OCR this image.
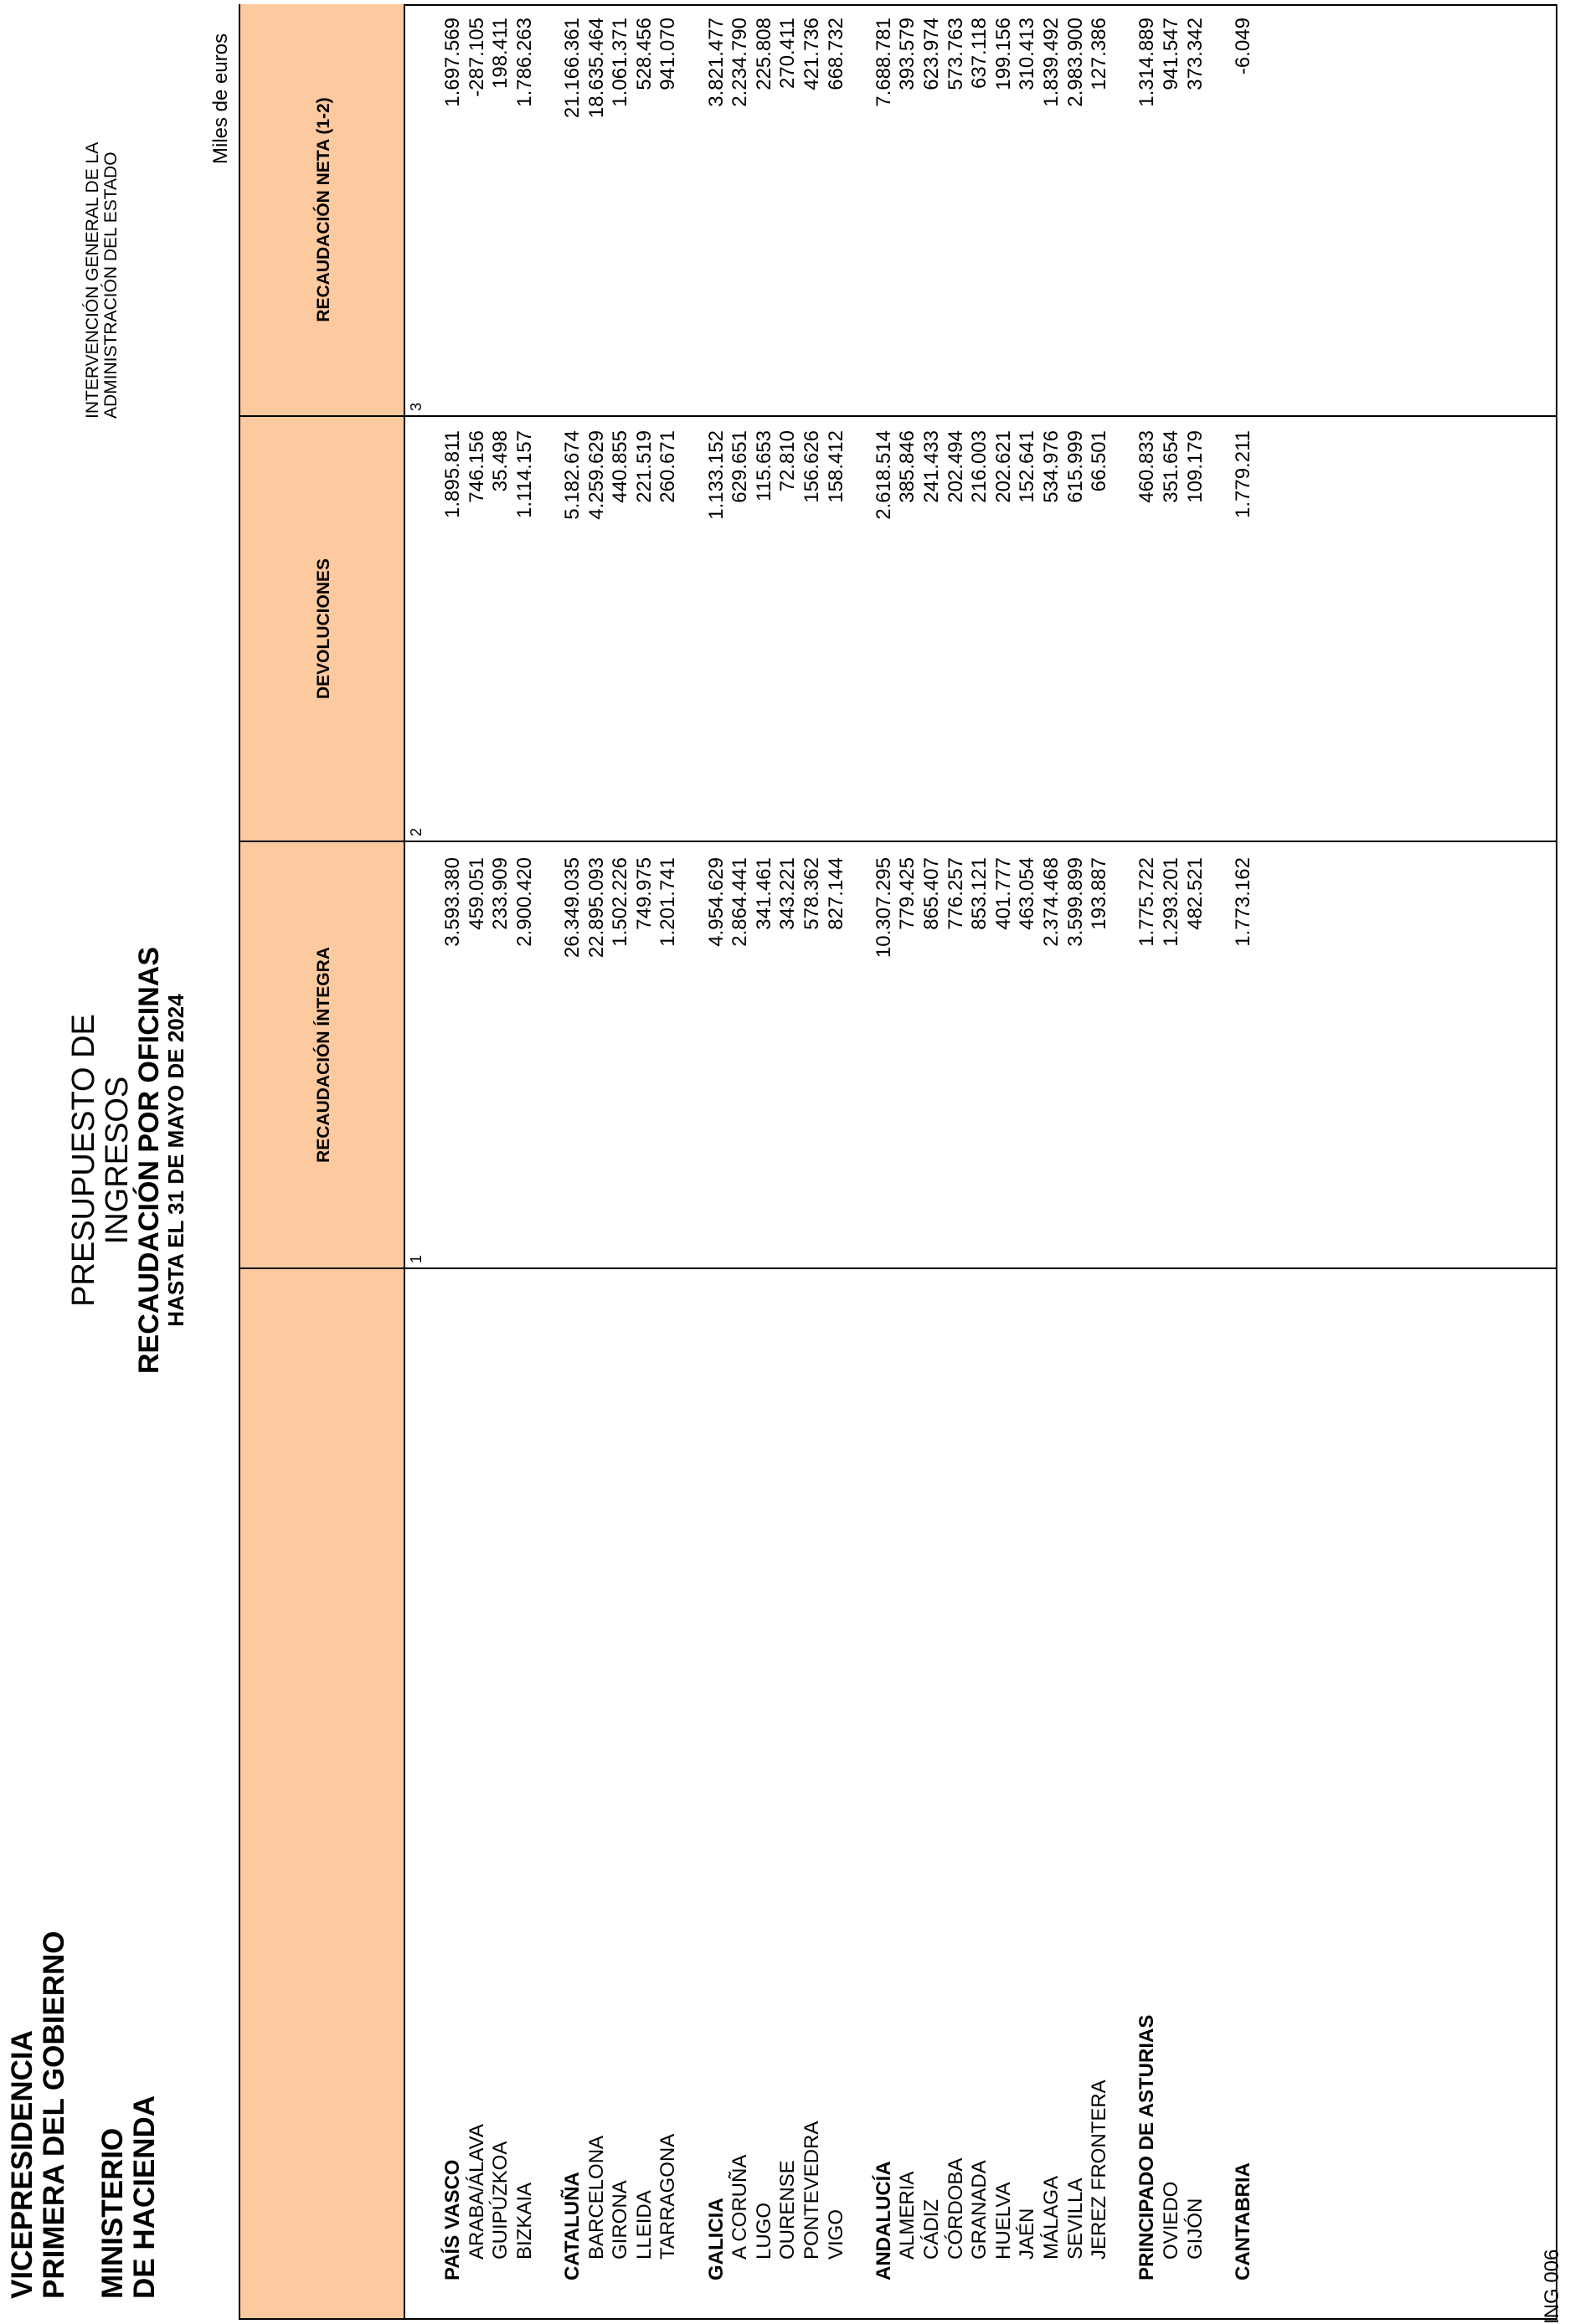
VICEPRESIDENCIA PRIMERA DEL GOBIERNO MINISTERIO DE HACIENDA
PRESUPUESTO DE INGRESOS
RECAUDACIÓN POR OFICINAS
HASTA EL 31 DE MAYO DE 2024
INTERVENCIÓN GENERAL DE LA ADMINISTRACIÓN DEL ESTADO
Miles de euros
RECAUDACIÓN ÍNTEGRA
DEVOLUCIONES
RECAUDACIÓN NETA (1-2)
1
2
3
PAÍS VASCO
3.593.380
1.895.811
1.697.569
ARABA/ÁLAVA
459.051
746.156
-287.105
GUIPÚZKOA
233.909
35.498
198.411
BIZKAIA
2.900.420
1.114.157
1.786.263
CATALUÑA
26.349.035
5.182.674
21.166.361
BARCELONA
22.895.093
4.259.629
18.635.464
GIRONA
1.502.226
440.855
1.061.371
LLEIDA
749.975
221.519
528.456
TARRAGONA
1.201.741
260.671
941.070
GALICIA
4.954.629
1.133.152
3.821.477
A CORUÑA
2.864.441
629.651
2.234.790
LUGO
341.461
115.653
225.808
OURENSE
343.221
72.810
270.411
PONTEVEDRA
578.362
156.626
421.736
VIGO
827.144
158.412
668.732
ANDALUCÍA
10.307.295
2.618.514
7.688.781
ALMERIA
779.425
385.846
393.579
CÁDIZ
865.407
241.433
623.974
CÓRDOBA
776.257
202.494
573.763
GRANADA
853.121
216.003
637.118
HUELVA
401.777
202.621
199.156
JAÉN
463.054
152.641
310.413
MÁLAGA
2.374.468
534.976
1.839.492
SEVILLA
3.599.899
615.999
2.983.900
JEREZ FRONTERA
193.887
66.501
127.386
PRINCIPADO DE ASTURIAS
1.775.722
460.833
1.314.889
OVIEDO
1.293.201
351.654
941.547
GIJÓN
482.521
109.179
373.342
CANTABRIA
1.773.162
1.779.211
-6.049
ING 006
